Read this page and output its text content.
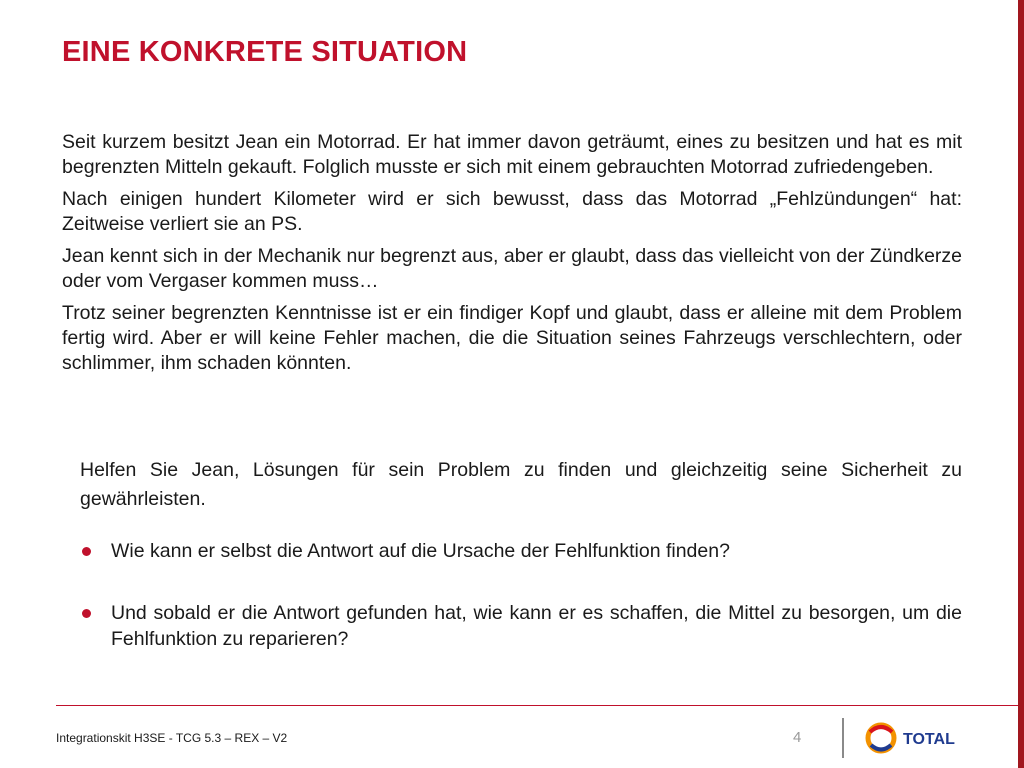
EINE KONKRETE SITUATION

Seit kurzem besitzt Jean ein Motorrad. Er hat immer davon geträumt, eines zu besitzen und hat es mit begrenzten Mitteln gekauft. Folglich musste er sich mit einem gebrauchten Motorrad zufriedengeben.

Nach einigen hundert Kilometer wird er sich bewusst, dass das Motorrad „Fehlzündungen“ hat: Zeitweise verliert sie an PS.

Jean kennt sich in der Mechanik nur begrenzt aus, aber er glaubt, dass das vielleicht von der Zündkerze oder vom Vergaser kommen muss…

Trotz seiner begrenzten Kenntnisse ist er ein findiger Kopf und glaubt, dass er alleine mit dem Problem fertig wird. Aber er will keine Fehler machen, die die Situation seines Fahrzeugs verschlechtern, oder schlimmer, ihm schaden könnten.

Helfen Sie Jean, Lösungen für sein Problem zu finden und gleichzeitig seine Sicherheit zu gewährleisten.
Wie kann er selbst die Antwort auf die Ursache der Fehlfunktion finden?
Und sobald er die Antwort gefunden hat, wie kann er es schaffen, die Mittel zu besorgen, um die Fehlfunktion zu reparieren?
Integrationskit H3SE - TCG 5.3 – REX – V2	4	TOTAL
